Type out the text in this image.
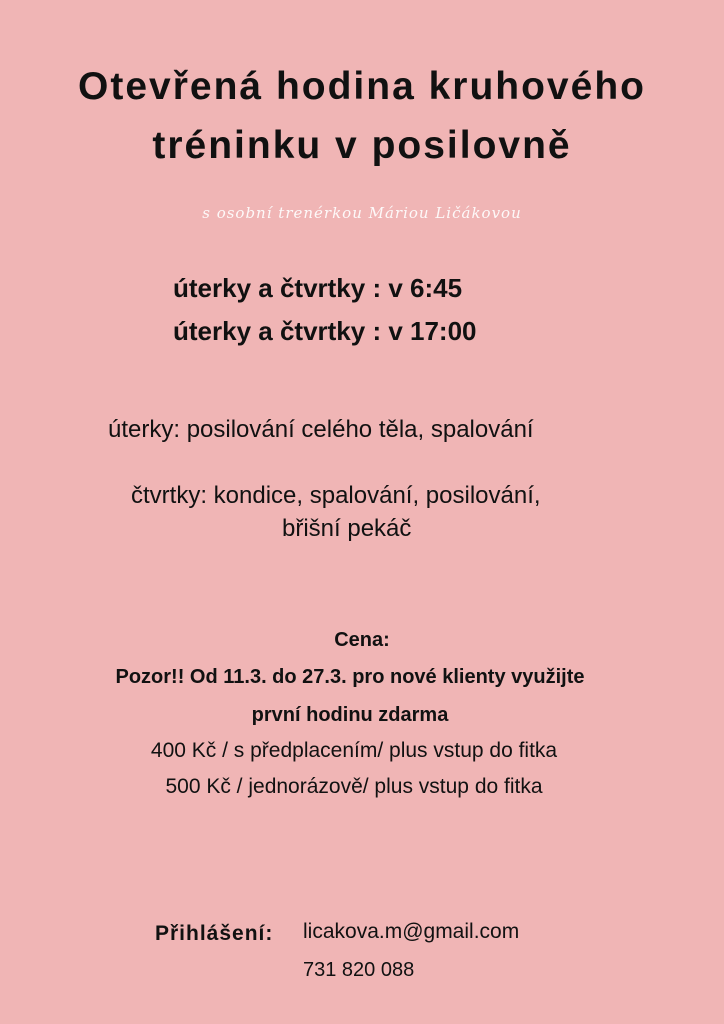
Otevřená hodina kruhového
tréninku v posilovně
s osobní trenérkou Máriou Ličákovou
úterky a čtvrtky : v 6:45
úterky a čtvrtky : v 17:00
úterky: posilování celého těla, spalování
čtvrtky: kondice, spalování, posilování,
břišní pekáč
Cena:
Pozor!! Od 11.3. do 27.3. pro nové klienty využijte
první hodinu zdarma
400 Kč / s předplacením/ plus vstup do fitka
500 Kč / jednorázově/ plus vstup do fitka
Přihlášení: licakova.m@gmail.com
731 820 088
